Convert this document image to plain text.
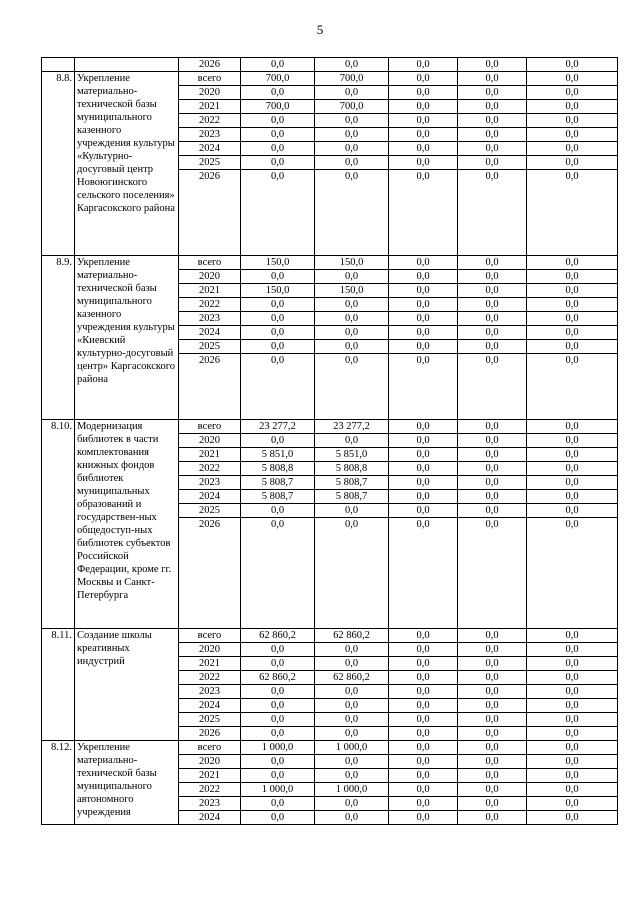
5
		2026	0,0	0,0	0,0	0,0	0,0
8.8.	Укрепление материально-технической базы муниципального казенного учреждения культуры «Культурно-досуговый центр Новоюгинского сельского поселения» Каргасокского района	всего	700,0	700,0	0,0	0,0	0,0
		2020	0,0	0,0	0,0	0,0	0,0
		2021	700,0	700,0	0,0	0,0	0,0
		2022	0,0	0,0	0,0	0,0	0,0
		2023	0,0	0,0	0,0	0,0	0,0
		2024	0,0	0,0	0,0	0,0	0,0
		2025	0,0	0,0	0,0	0,0	0,0
		2026	0,0	0,0	0,0	0,0	0,0
8.9.	Укрепление материально-технической базы муниципального казенного учреждения культуры «Киевский культурно-досуговый центр» Каргасокского района	всего	150,0	150,0	0,0	0,0	0,0
		2020	0,0	0,0	0,0	0,0	0,0
		2021	150,0	150,0	0,0	0,0	0,0
		2022	0,0	0,0	0,0	0,0	0,0
		2023	0,0	0,0	0,0	0,0	0,0
		2024	0,0	0,0	0,0	0,0	0,0
		2025	0,0	0,0	0,0	0,0	0,0
		2026	0,0	0,0	0,0	0,0	0,0
8.10.	Модернизация библиотек в части комплектования книжных фондов библиотек муниципальных образований и государствен-ных общедоступ-ных библиотек субъектов Российской Федерации, кроме гг. Москвы и Санкт-Петербурга	всего	23 277,2	23 277,2	0,0	0,0	0,0
		2020	0,0	0,0	0,0	0,0	0,0
		2021	5 851,0	5 851,0	0,0	0,0	0,0
		2022	5 808,8	5 808,8	0,0	0,0	0,0
		2023	5 808,7	5 808,7	0,0	0,0	0,0
		2024	5 808,7	5 808,7	0,0	0,0	0,0
		2025	0,0	0,0	0,0	0,0	0,0
		2026	0,0	0,0	0,0	0,0	0,0
8.11.	Создание школы креативных индустрий	всего	62 860,2	62 860,2	0,0	0,0	0,0
		2020	0,0	0,0	0,0	0,0	0,0
		2021	0,0	0,0	0,0	0,0	0,0
		2022	62 860,2	62 860,2	0,0	0,0	0,0
		2023	0,0	0,0	0,0	0,0	0,0
		2024	0,0	0,0	0,0	0,0	0,0
		2025	0,0	0,0	0,0	0,0	0,0
		2026	0,0	0,0	0,0	0,0	0,0
8.12.	Укрепление материально-технической базы муниципального автономного учреждения	всего	1 000,0	1 000,0	0,0	0,0	0,0
		2020	0,0	0,0	0,0	0,0	0,0
		2021	0,0	0,0	0,0	0,0	0,0
		2022	1 000,0	1 000,0	0,0	0,0	0,0
		2023	0,0	0,0	0,0	0,0	0,0
		2024	0,0	0,0	0,0	0,0	0,0
